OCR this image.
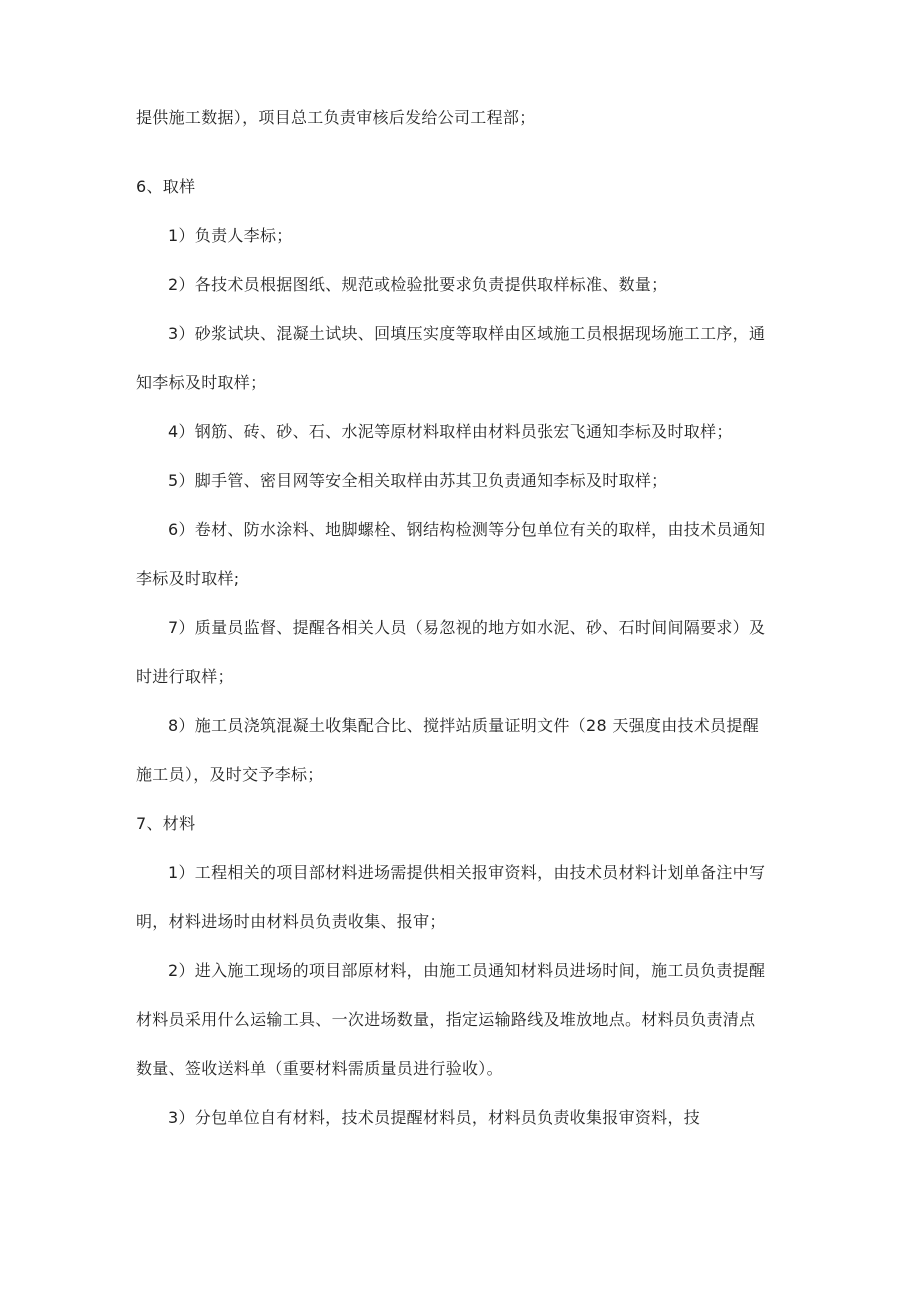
提供施工数据），项目总工负责审核后发给公司工程部；
6、取样
1）负责人李标；
2）各技术员根据图纸、规范或检验批要求负责提供取样标准、数量；
3）砂浆试块、混凝土试块、回填压实度等取样由区域施工员根据现场施工工序，通
知李标及时取样；
4）钢筋、砖、砂、石、水泥等原材料取样由材料员张宏飞通知李标及时取样；
5）脚手管、密目网等安全相关取样由苏其卫负责通知李标及时取样；
6）卷材、防水涂料、地脚螺栓、钢结构检测等分包单位有关的取样，由技术员通知
李标及时取样;
7）质量员监督、提醒各相关人员（易忽视的地方如水泥、砂、石时间间隔要求）及
时进行取样；
8）施工员浇筑混凝土收集配合比、搅拌站质量证明文件（28 天强度由技术员提醒
施工员），及时交予李标；
7、材料
1）工程相关的项目部材料进场需提供相关报审资料，由技术员材料计划单备注中写
明，材料进场时由材料员负责收集、报审；
2）进入施工现场的项目部原材料，由施工员通知材料员进场时间，施工员负责提醒
材料员采用什么运输工具、一次进场数量，指定运输路线及堆放地点。材料员负责清点
数量、签收送料单（重要材料需质量员进行验收）。
3）分包单位自有材料，技术员提醒材料员，材料员负责收集报审资料，技
